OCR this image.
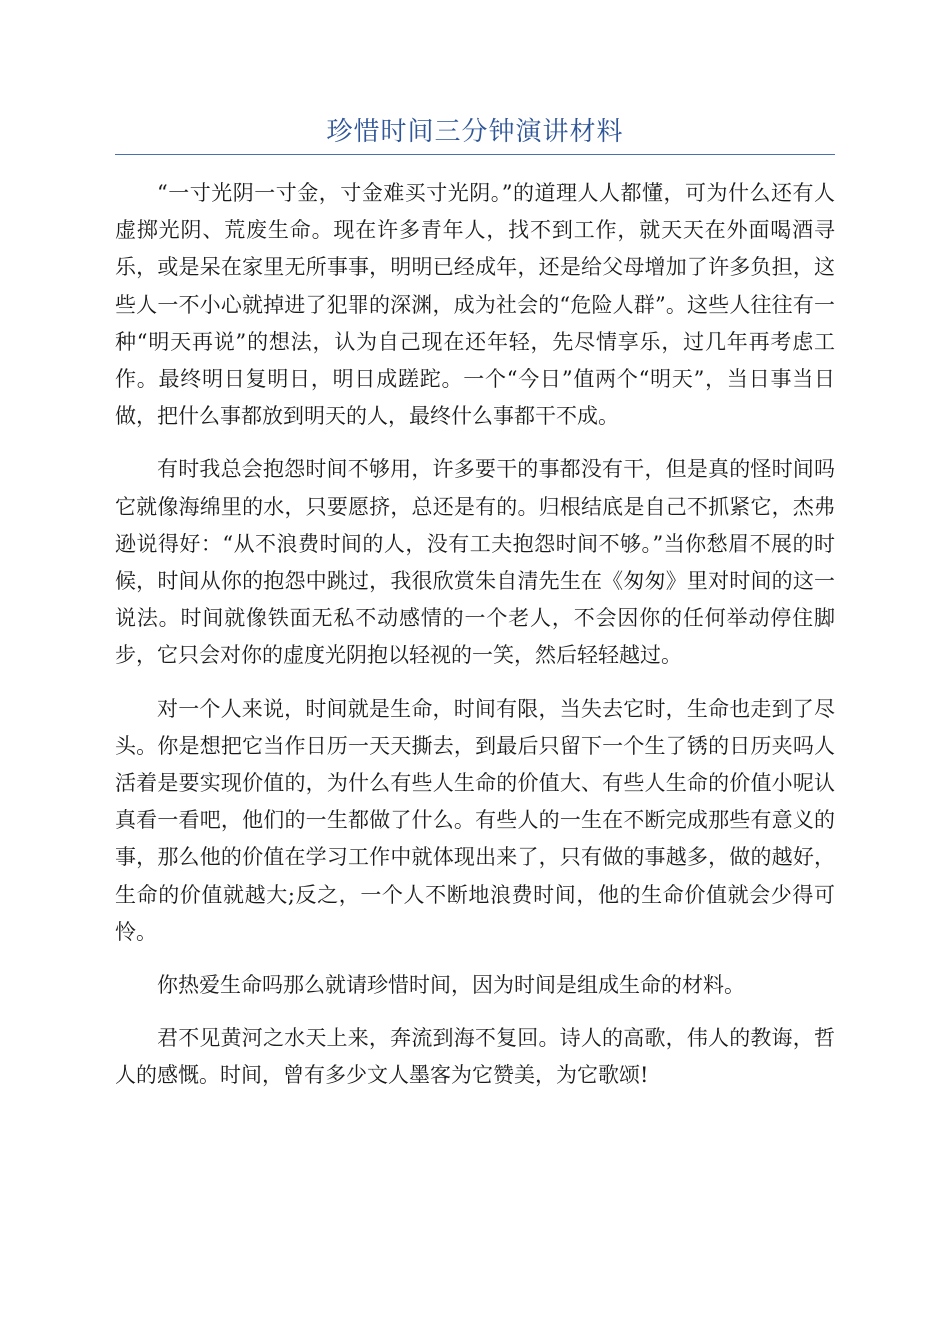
珍惜时间三分钟演讲材料

“一寸光阴一寸金，寸金难买寸光阴。”的道理人人都懂，可为什么还有人虚掷光阴、荒废生命。现在许多青年人，找不到工作，就天天在外面喝酒寻乐，或是呆在家里无所事事，明明已经成年，还是给父母增加了许多负担，这些人一不小心就掉进了犯罪的深渊，成为社会的“危险人群”。这些人往往有一种“明天再说”的想法，认为自己现在还年轻，先尽情享乐，过几年再考虑工作。最终明日复明日，明日成蹉跎。一个“今日”值两个“明天”，当日事当日做，把什么事都放到明天的人，最终什么事都干不成。

有时我总会抱怨时间不够用，许多要干的事都没有干，但是真的怪时间吗它就像海绵里的水，只要愿挤，总还是有的。归根结底是自己不抓紧它，杰弗逊说得好：“从不浪费时间的人，没有工夫抱怨时间不够。”当你愁眉不展的时候，时间从你的抱怨中跳过，我很欣赏朱自清先生在《匆匆》里对时间的这一说法。时间就像铁面无私不动感情的一个老人，不会因你的任何举动停住脚步，它只会对你的虚度光阴抱以轻视的一笑，然后轻轻越过。

对一个人来说，时间就是生命，时间有限，当失去它时，生命也走到了尽头。你是想把它当作日历一天天撕去，到最后只留下一个生了锈的日历夹吗人活着是要实现价值的，为什么有些人生命的价值大、有些人生命的价值小呢认真看一看吧，他们的一生都做了什么。有些人的一生在不断完成那些有意义的事，那么他的价值在学习工作中就体现出来了，只有做的事越多，做的越好，生命的价值就越大;反之，一个人不断地浪费时间，他的生命价值就会少得可怜。

你热爱生命吗那么就请珍惜时间，因为时间是组成生命的材料。

君不见黄河之水天上来，奔流到海不复回。诗人的高歌，伟人的教诲，哲人的感慨。时间，曾有多少文人墨客为它赞美，为它歌颂!
